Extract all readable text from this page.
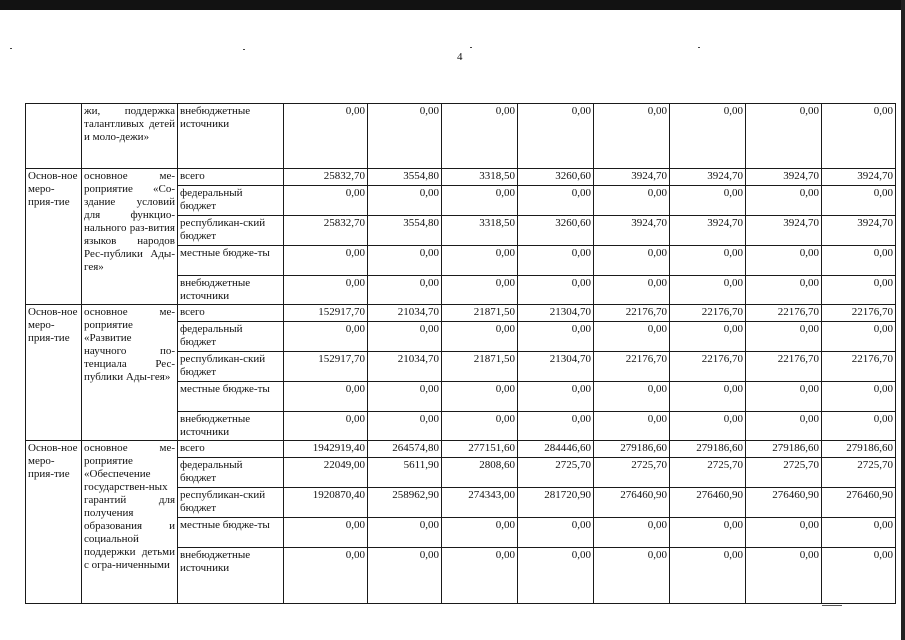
4
	жи, поддержка талантливых детей и моло-дежи»	внебюджетные источники	0,00	0,00	0,00	0,00	0,00	0,00	0,00	0,00
Основ-ное меро-прия-тие	основное ме-роприятие «Со-здание условий для функцио-нального раз-вития языков народов Рес-публики Ады-гея»	всего	25832,70	3554,80	3318,50	3260,60	3924,70	3924,70	3924,70	3924,70
		федеральный бюджет	0,00	0,00	0,00	0,00	0,00	0,00	0,00	0,00
		республикан-ский бюджет	25832,70	3554,80	3318,50	3260,60	3924,70	3924,70	3924,70	3924,70
		местные бюдже-ты	0,00	0,00	0,00	0,00	0,00	0,00	0,00	0,00
		внебюджетные источники	0,00	0,00	0,00	0,00	0,00	0,00	0,00	0,00
Основ-ное меро-прия-тие	основное ме-роприятие «Развитие научного по-тенциала Рес-публики Ады-гея»	всего	152917,70	21034,70	21871,50	21304,70	22176,70	22176,70	22176,70	22176,70
		федеральный бюджет	0,00	0,00	0,00	0,00	0,00	0,00	0,00	0,00
		республикан-ский бюджет	152917,70	21034,70	21871,50	21304,70	22176,70	22176,70	22176,70	22176,70
		местные бюдже-ты	0,00	0,00	0,00	0,00	0,00	0,00	0,00	0,00
		внебюджетные источники	0,00	0,00	0,00	0,00	0,00	0,00	0,00	0,00
Основ-ное меро-прия-тие	основное ме-роприятие «Обеспечение государствен-ных гарантий для получения образования и социальной поддержки детьми с огра-ниченными	всего	1942919,40	264574,80	277151,60	284446,60	279186,60	279186,60	279186,60	279186,60
		федеральный бюджет	22049,00	5611,90	2808,60	2725,70	2725,70	2725,70	2725,70	2725,70
		республикан-ский бюджет	1920870,40	258962,90	274343,00	281720,90	276460,90	276460,90	276460,90	276460,90
		местные бюдже-ты	0,00	0,00	0,00	0,00	0,00	0,00	0,00	0,00
		внебюджетные источники	0,00	0,00	0,00	0,00	0,00	0,00	0,00	0,00
